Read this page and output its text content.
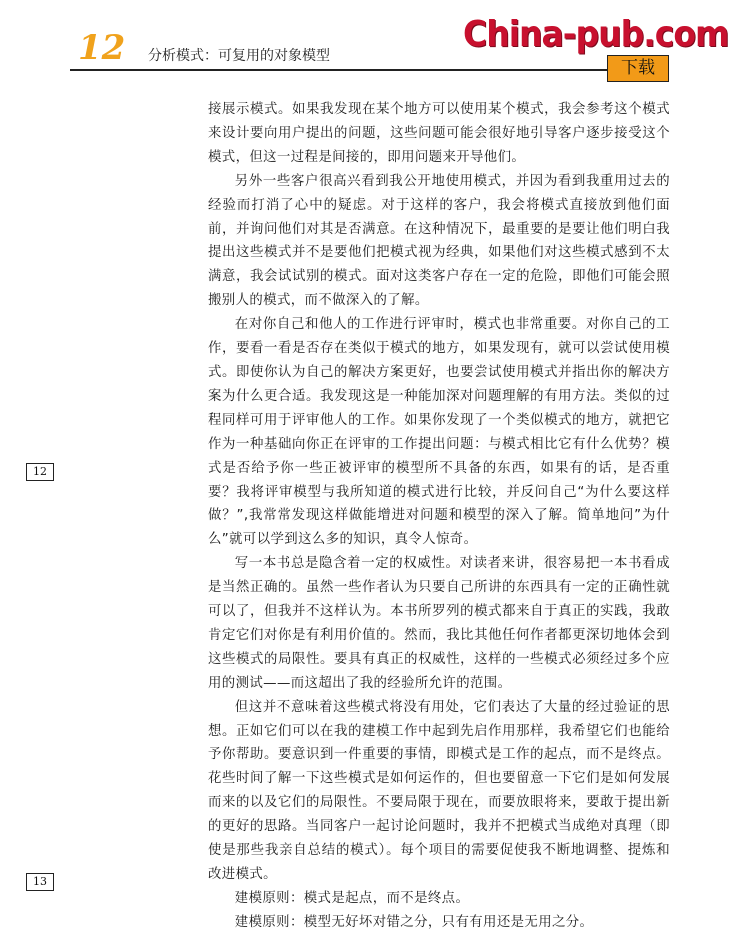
12 分析模式：可复用的对象模型
China-pub.com
下载

接展示模式。如果我发现在某个地方可以使用某个模式，我会参考这个模式来设计要向用户提出的问题，这些问题可能会很好地引导客户逐步接受这个模式，但这一过程是间接的，即用问题来开导他们。

另外一些客户很高兴看到我公开地使用模式，并因为看到我重用过去的经验而打消了心中的疑虑。对于这样的客户，我会将模式直接放到他们面前，并询问他们对其是否满意。在这种情况下，最重要的是要让他们明白我提出这些模式并不是要他们把模式视为经典，如果他们对这些模式感到不太满意，我会试试别的模式。面对这类客户存在一定的危险，即他们可能会照搬别人的模式，而不做深入的了解。

在对你自己和他人的工作进行评审时，模式也非常重要。对你自己的工作，要看一看是否存在类似于模式的地方，如果发现有，就可以尝试使用模式。即使你认为自己的解决方案更好，也要尝试使用模式并指出你的解决方案为什么更合适。我发现这是一种能加深对问题理解的有用方法。类似的过程同样可用于评审他人的工作。如果你发现了一个类似模式的地方，就把它作为一种基础向你正在评审的工作提出问题：与模式相比它有什么优势？模式是否给予你一些正被评审的模型所不具备的东西，如果有的话，是否重要？我将评审模型与我所知道的模式进行比较，并反问自己“为什么要这样做？”,我常常发现这样做能增进对问题和模型的深入了解。简单地问”为什么”就可以学到这么多的知识，真令人惊奇。

写一本书总是隐含着一定的权威性。对读者来讲，很容易把一本书看成是当然正确的。虽然一些作者认为只要自己所讲的东西具有一定的正确性就可以了，但我并不这样认为。本书所罗列的模式都来自于真正的实践，我敢肯定它们对你是有利用价值的。然而，我比其他任何作者都更深切地体会到这些模式的局限性。要具有真正的权威性，这样的一些模式必须经过多个应用的测试——而这超出了我的经验所允许的范围。

但这并不意味着这些模式将没有用处，它们表达了大量的经过验证的思想。正如它们可以在我的建模工作中起到先启作用那样，我希望它们也能给予你帮助。要意识到一件重要的事情，即模式是工作的起点，而不是终点。花些时间了解一下这些模式是如何运作的，但也要留意一下它们是如何发展而来的以及它们的局限性。不要局限于现在，而要放眼将来，要敢于提出新的更好的思路。当同客户一起讨论问题时，我并不把模式当成绝对真理（即使是那些我亲自总结的模式）。每个项目的需要促使我不断地调整、提炼和改进模式。

建模原则：模式是起点，而不是终点。

建模原则：模型无好坏对错之分，只有有用还是无用之分。

12
13
